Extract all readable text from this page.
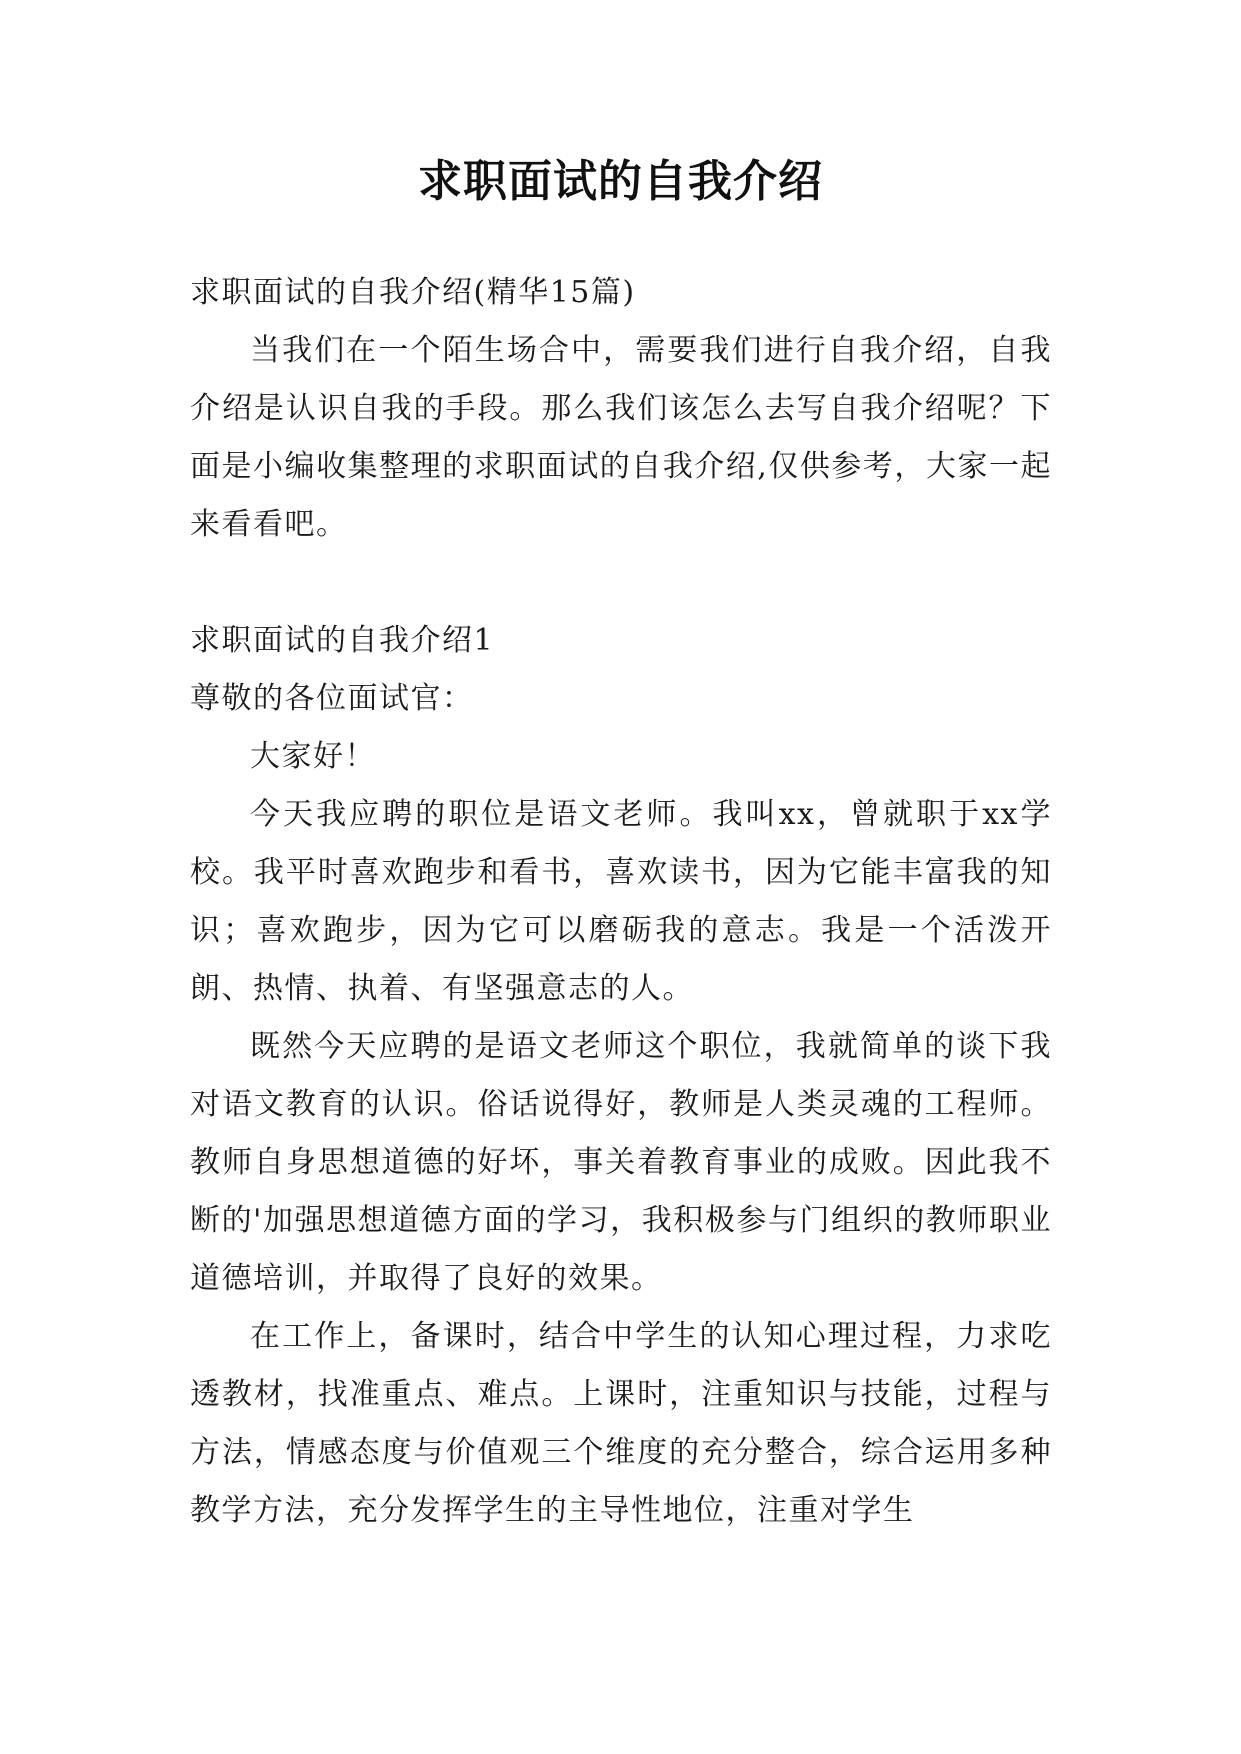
求职面试的自我介绍

求职面试的自我介绍(精华15篇)

当我们在一个陌生场合中，需要我们进行自我介绍，自我介绍是认识自我的手段。那么我们该怎么去写自我介绍呢？下面是小编收集整理的求职面试的自我介绍,仅供参考，大家一起来看看吧。

求职面试的自我介绍1

尊敬的各位面试官：

大家好！

今天我应聘的职位是语文老师。我叫xx，曾就职于xx学校。我平时喜欢跑步和看书，喜欢读书，因为它能丰富我的知识；喜欢跑步，因为它可以磨砺我的意志。我是一个活泼开朗、热情、执着、有坚强意志的人。

既然今天应聘的是语文老师这个职位，我就简单的谈下我对语文教育的认识。俗话说得好，教师是人类灵魂的工程师。教师自身思想道德的好坏，事关着教育事业的成败。因此我不断的'加强思想道德方面的学习，我积极参与门组织的教师职业道德培训，并取得了良好的效果。

在工作上，备课时，结合中学生的认知心理过程，力求吃透教材，找准重点、难点。上课时，注重知识与技能，过程与方法，情感态度与价值观三个维度的充分整合，综合运用多种教学方法，充分发挥学生的主导性地位，注重对学生
